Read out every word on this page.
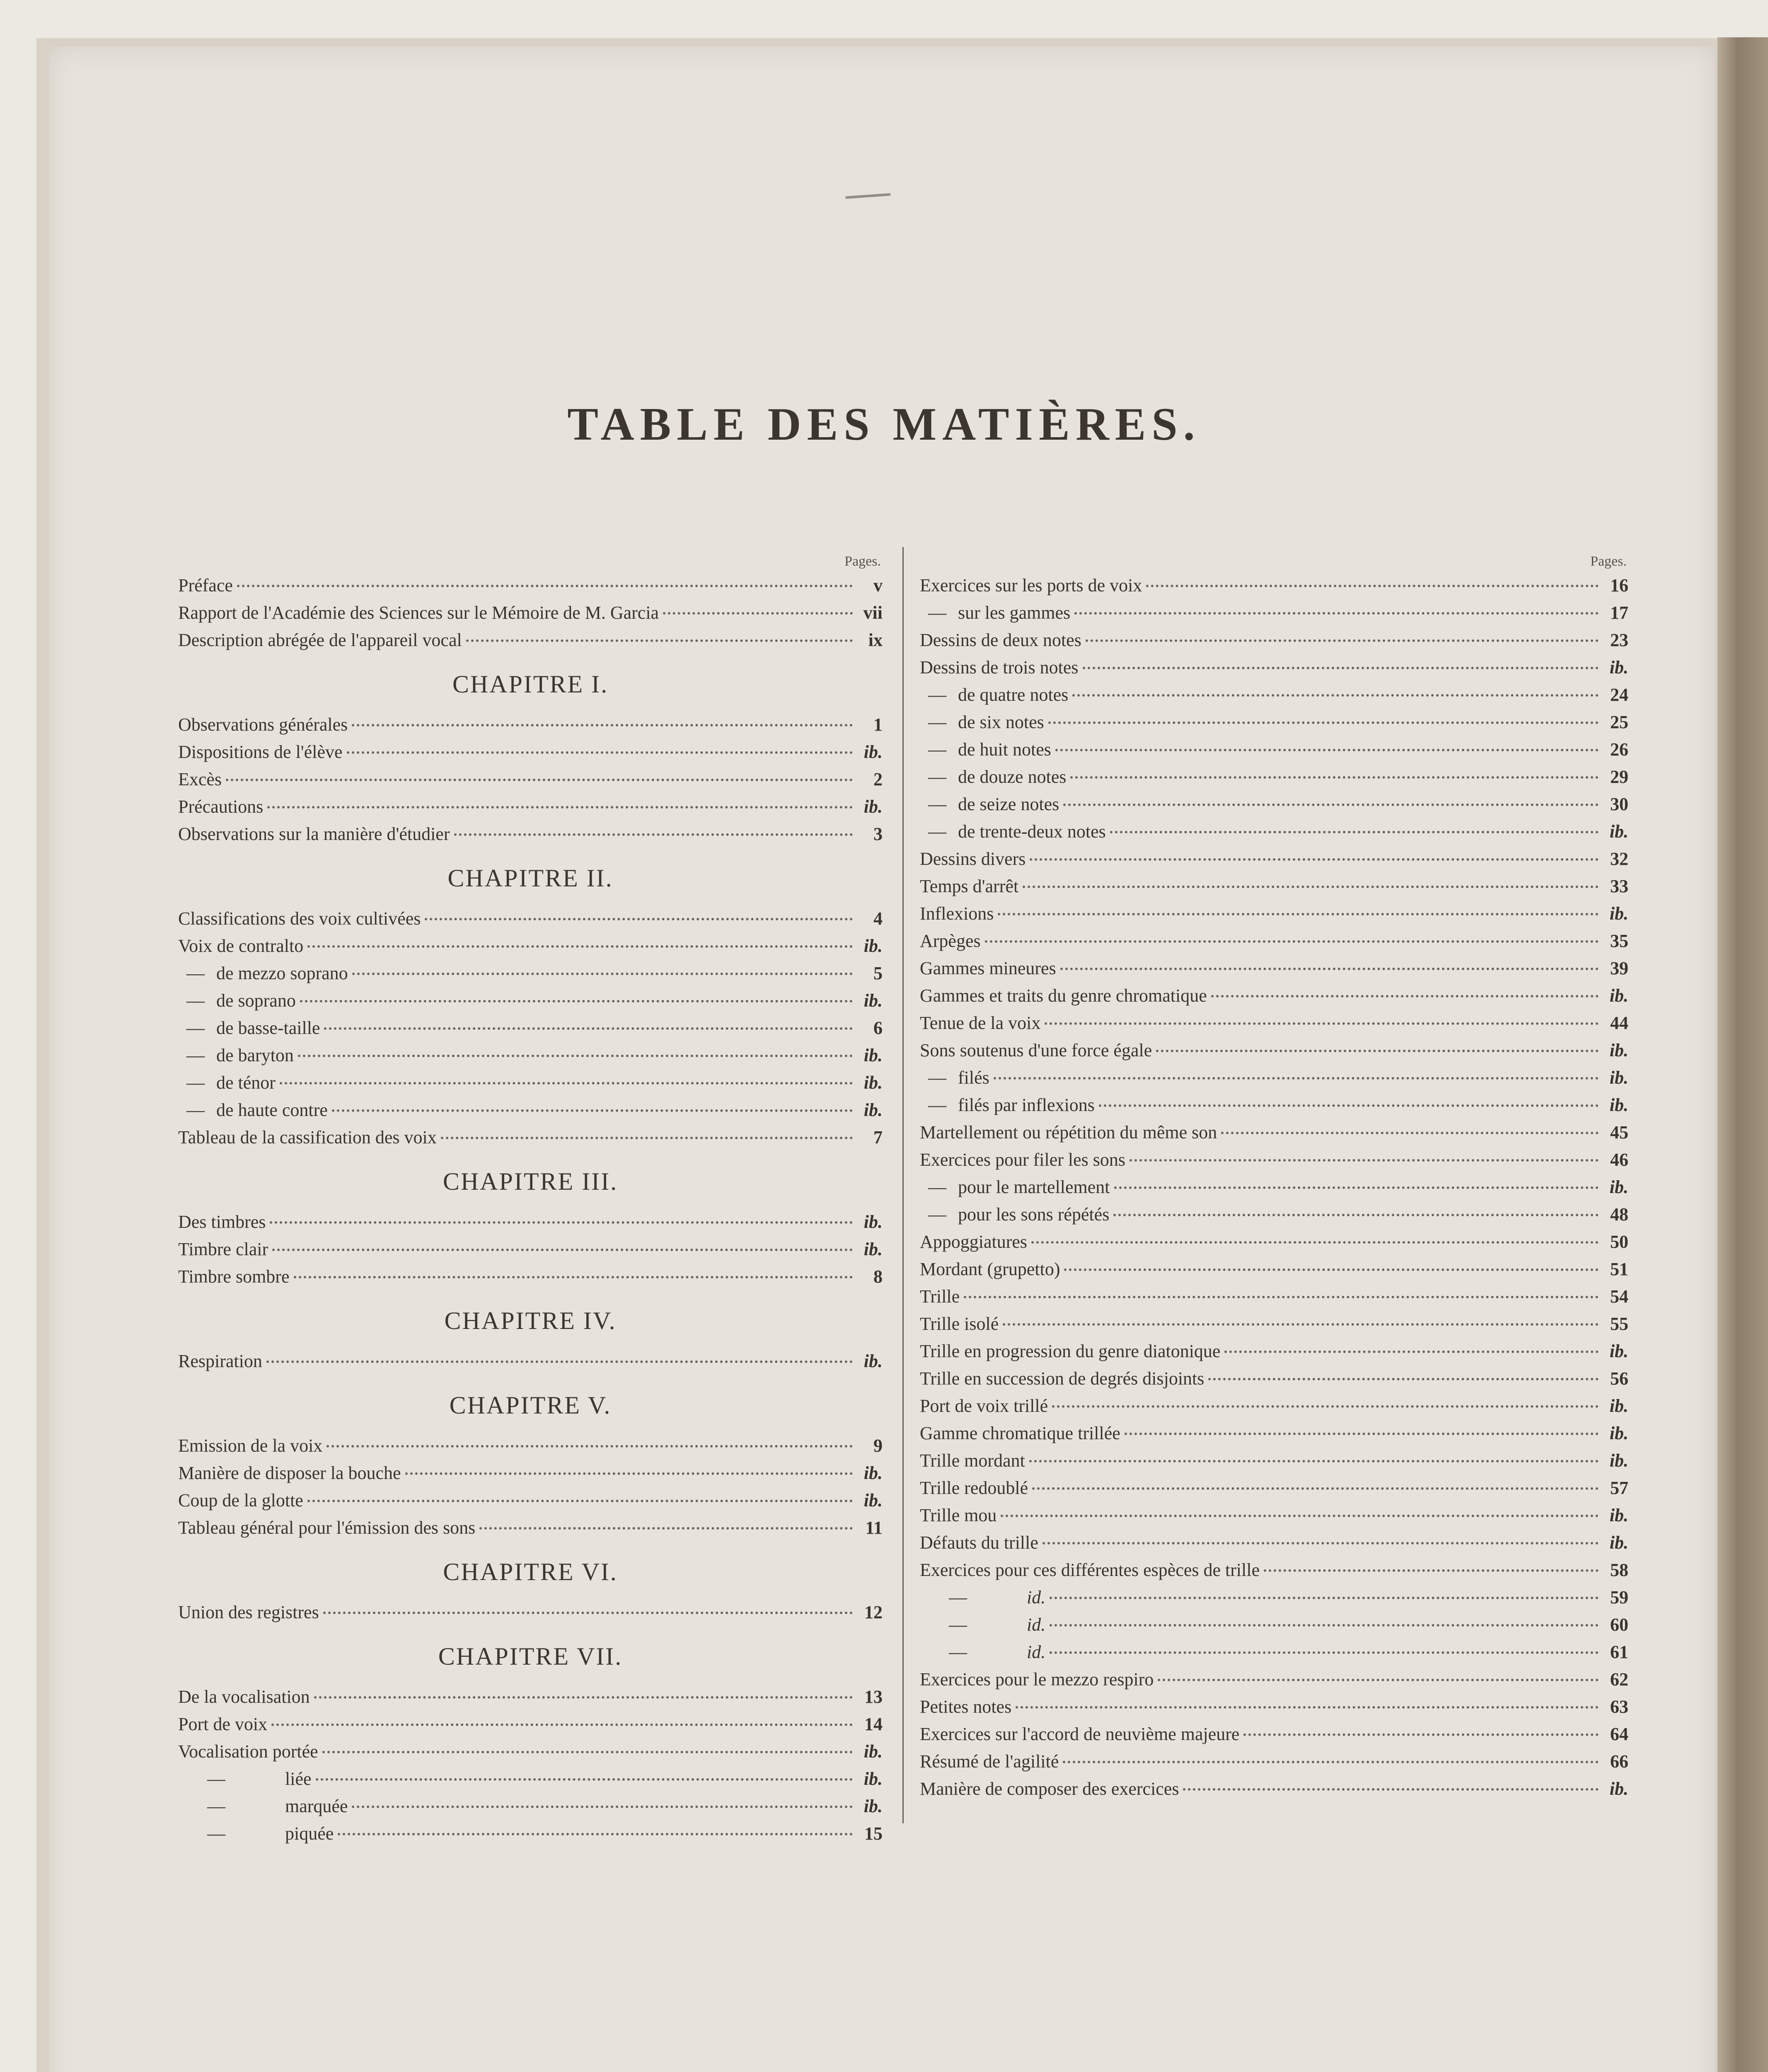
TABLE DES MATIÈRES.
Pages.
Préface	v
Rapport de l'Académie des Sciences sur le Mémoire de M. Garcia	vii
Description abrégée de l'appareil vocal	ix
CHAPITRE I.
Observations générales	1
Dispositions de l'élève	ib.
Excès	2
Précautions	ib.
Observations sur la manière d'étudier	3
CHAPITRE II.
Classifications des voix cultivées	4
Voix de contralto	ib.
— de mezzo soprano	5
— de soprano	ib.
— de basse-taille	6
— de baryton	ib.
— de ténor	ib.
— de haute contre	ib.
Tableau de la cassification des voix	7
CHAPITRE III.
Des timbres	ib.
Timbre clair	ib.
Timbre sombre	8
CHAPITRE IV.
Respiration	ib.
CHAPITRE V.
Emission de la voix	9
Manière de disposer la bouche	ib.
Coup de la glotte	ib.
Tableau général pour l'émission des sons	11
CHAPITRE VI.
Union des registres	12
CHAPITRE VII.
De la vocalisation	13
Port de voix	14
Vocalisation portée	ib.
—	liée	ib.
—	marquée	ib.
—	piquée	15
Pages.
Exercices sur les ports de voix	16
— sur les gammes	17
Dessins de deux notes	23
Dessins de trois notes	ib.
— de quatre notes	24
— de six notes	25
— de huit notes	26
— de douze notes	29
— de seize notes	30
— de trente-deux notes	ib.
Dessins divers	32
Temps d'arrêt	33
Inflexions	ib.
Arpèges	35
Gammes mineures	39
Gammes et traits du genre chromatique	ib.
Tenue de la voix	44
Sons soutenus d'une force égale	ib.
— filés	ib.
— filés par inflexions	ib.
Martellement ou répétition du même son	45
Exercices pour filer les sons	46
— pour le martellement	ib.
— pour les sons répétés	48
Appoggiatures	50
Mordant (grupetto)	51
Trille	54
Trille isolé	55
Trille en progression du genre diatonique	ib.
Trille en succession de degrés disjoints	56
Port de voix trillé	ib.
Gamme chromatique trillée	ib.
Trille mordant	ib.
Trille redoublé	57
Trille mou	ib.
Défauts du trille	ib.
Exercices pour ces différentes espèces de trille	58
—	id.	59
—	id.	60
—	id.	61
Exercices pour le mezzo respiro	62
Petites notes	63
Exercices sur l'accord de neuvième majeure	64
Résumé de l'agilité	66
Manière de composer des exercices	ib.
